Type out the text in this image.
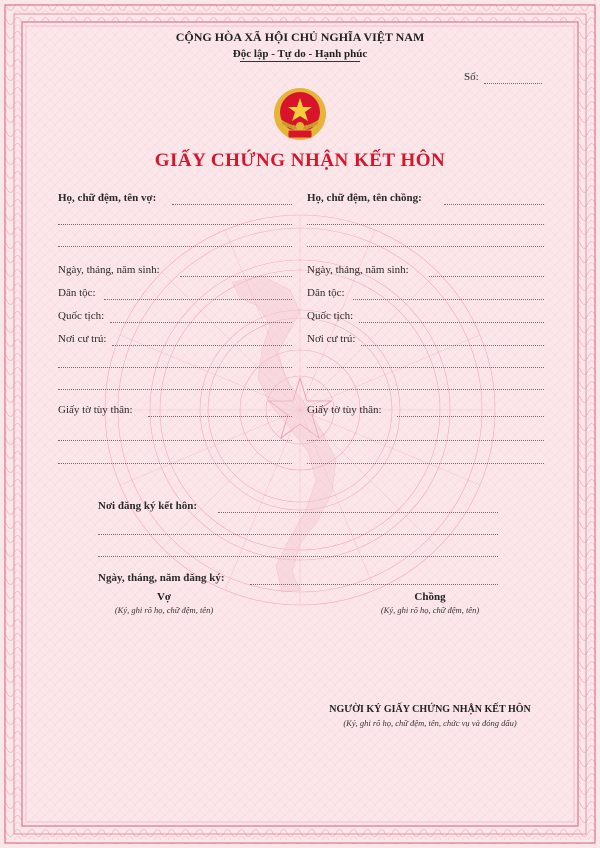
CỘNG HÒA XÃ HỘI CHỦ NGHĨA VIỆT NAM
Độc lập - Tự do - Hạnh phúc
Số:
GIẤY CHỨNG NHẬN KẾT HÔN
Họ, chữ đệm, tên vợ:	Họ, chữ đệm, tên chồng:
Ngày, tháng, năm sinh:	Ngày, tháng, năm sinh:
Dân tộc:	Dân tộc:
Quốc tịch:	Quốc tịch:
Nơi cư trú:	Nơi cư trú:
Giấy tờ tùy thân:	Giấy tờ tùy thân:
Nơi đăng ký kết hôn:
Ngày, tháng, năm đăng ký:
Vợ
(Ký, ghi rõ họ, chữ đệm, tên)
Chồng
(Ký, ghi rõ họ, chữ đệm, tên)
NGƯỜI KÝ GIẤY CHỨNG NHẬN KẾT HÔN
(Ký, ghi rõ họ, chữ đệm, tên, chức vụ và đóng dấu)
